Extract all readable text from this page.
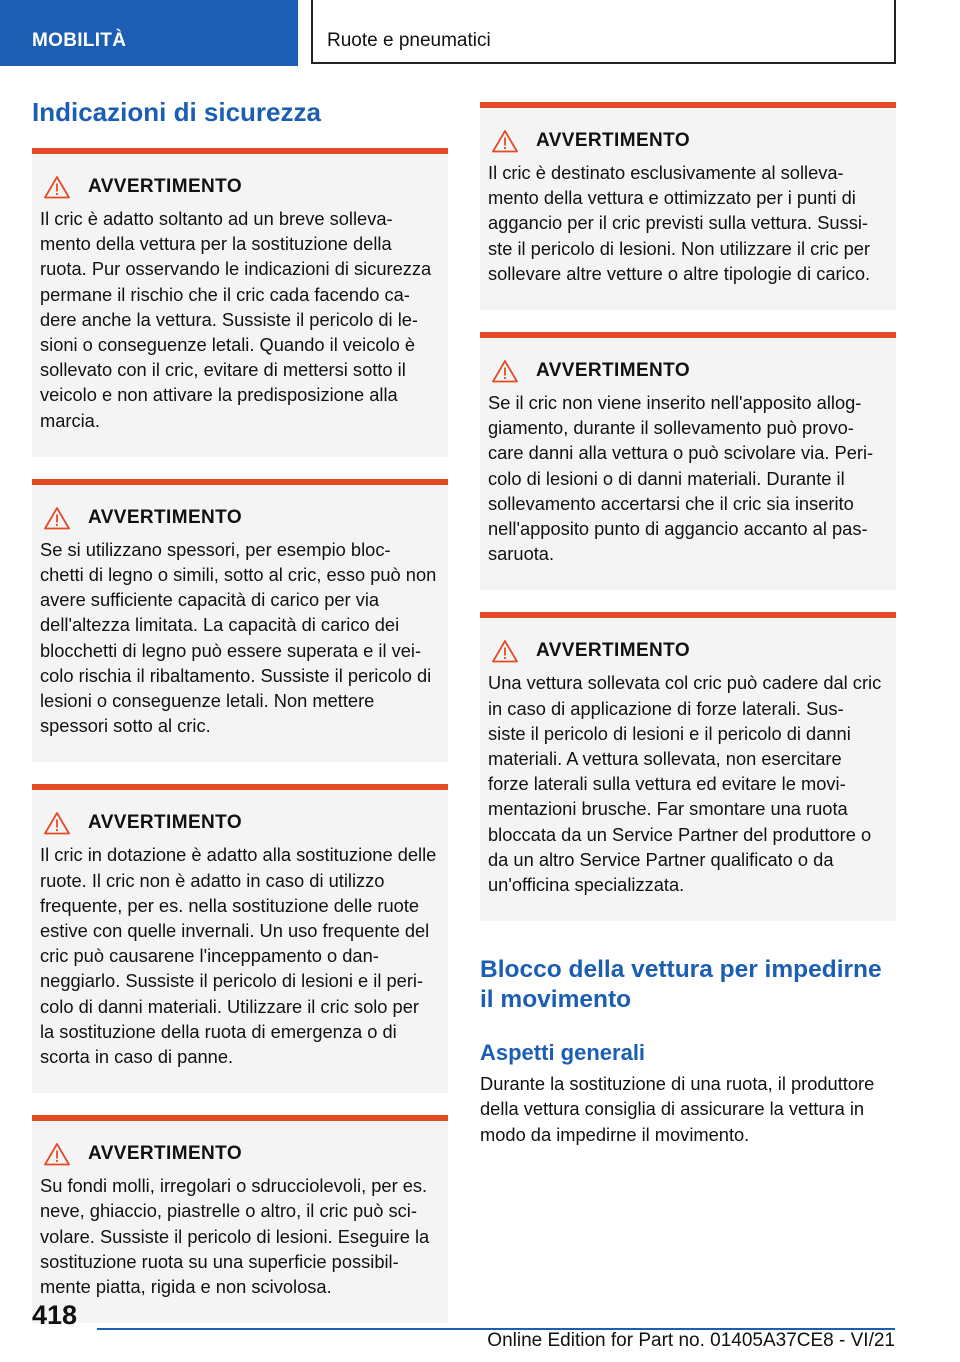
MOBILITÀ	Ruote e pneumatici
Indicazioni di sicurezza
AVVERTIMENTO

Il cric è adatto soltanto ad un breve solleva- mento della vettura per la sostituzione della ruota. Pur osservando le indicazioni di sicurezza permane il rischio che il cric cada facendo ca- dere anche la vettura. Sussiste il pericolo di le- sioni o conseguenze letali. Quando il veicolo è sollevato con il cric, evitare di mettersi sotto il veicolo e non attivare la predisposizione alla marcia.

AVVERTIMENTO

Se si utilizzano spessori, per esempio bloc- chetti di legno o simili, sotto al cric, esso può non avere sufficiente capacità di carico per via dell'altezza limitata. La capacità di carico dei blocchetti di legno può essere superata e il vei- colo rischia il ribaltamento. Sussiste il pericolo di lesioni o conseguenze letali. Non mettere spessori sotto al cric.

AVVERTIMENTO

Il cric in dotazione è adatto alla sostituzione delle ruote. Il cric non è adatto in caso di utilizzo frequente, per es. nella sostituzione delle ruote estive con quelle invernali. Un uso frequente del cric può causarene l'inceppamento o dan- neggiarlo. Sussiste il pericolo di lesioni e il peri- colo di danni materiali. Utilizzare il cric solo per la sostituzione della ruota di emergenza o di scorta in caso di panne.

AVVERTIMENTO

Su fondi molli, irregolari o sdrucciolevoli, per es. neve, ghiaccio, piastrelle o altro, il cric può sci- volare. Sussiste il pericolo di lesioni. Eseguire la sostituzione ruota su una superficie possibil- mente piatta, rigida e non scivolosa.

AVVERTIMENTO

Il cric è destinato esclusivamente al solleva- mento della vettura e ottimizzato per i punti di aggancio per il cric previsti sulla vettura. Sussi- ste il pericolo di lesioni. Non utilizzare il cric per sollevare altre vetture o altre tipologie di carico.

AVVERTIMENTO

Se il cric non viene inserito nell'apposito allog- giamento, durante il sollevamento può provo- care danni alla vettura o può scivolare via. Peri- colo di lesioni o di danni materiali. Durante il sollevamento accertarsi che il cric sia inserito nell'apposito punto di aggancio accanto al pas- saruota.

AVVERTIMENTO

Una vettura sollevata col cric può cadere dal cric in caso di applicazione di forze laterali. Sus- siste il pericolo di lesioni e il pericolo di danni materiali. A vettura sollevata, non esercitare forze laterali sulla vettura ed evitare le movi- mentazioni brusche. Far smontare una ruota bloccata da un Service Partner del produttore o da un altro Service Partner qualificato o da un'officina specializzata.

Blocco della vettura per impedirne il movimento
Aspetti generali

Durante la sostituzione di una ruota, il produttore della vettura consiglia di assicurare la vettura in modo da impedirne il movimento.

418
Online Edition for Part no. 01405A37CE8 - VI/21
